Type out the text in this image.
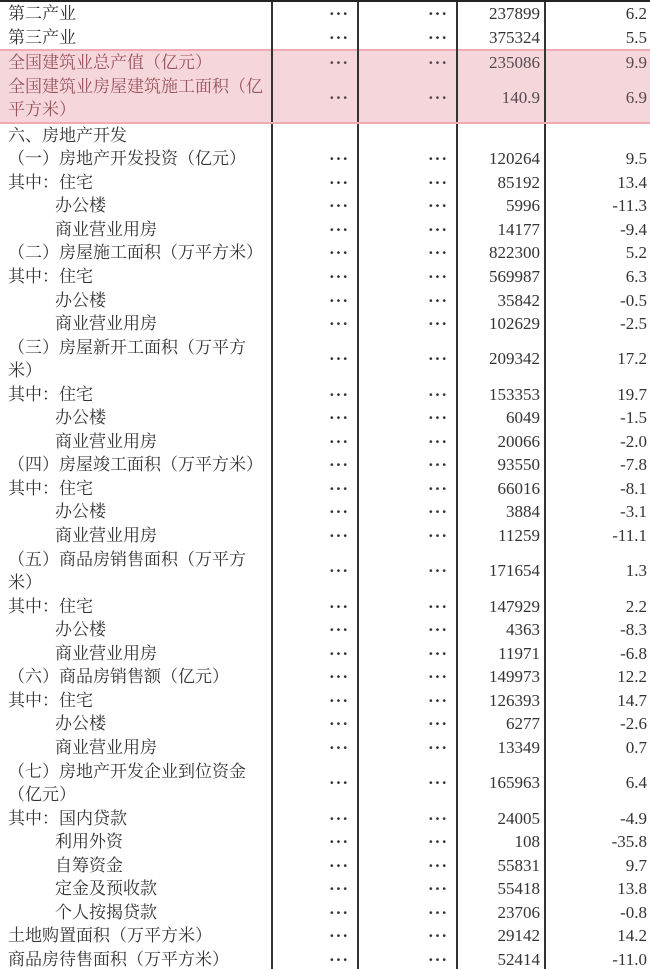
第二产业	···	···	237899	6.2
第三产业	···	···	375324	5.5
全国建筑业总产值（亿元）	···	···	235086	9.9
全国建筑业房屋建筑施工面积（亿平方米）	···	···	140.9	6.9
六、房地产开发				
（一）房地产开发投资（亿元）	···	···	120264	9.5
其中：住宅	···	···	85192	13.4
办公楼	···	···	5996	-11.3
商业营业用房	···	···	14177	-9.4
（二）房屋施工面积（万平方米）	···	···	822300	5.2
其中：住宅	···	···	569987	6.3
办公楼	···	···	35842	-0.5
商业营业用房	···	···	102629	-2.5
（三）房屋新开工面积（万平方米）	···	···	209342	17.2
其中：住宅	···	···	153353	19.7
办公楼	···	···	6049	-1.5
商业营业用房	···	···	20066	-2.0
（四）房屋竣工面积（万平方米）	···	···	93550	-7.8
其中：住宅	···	···	66016	-8.1
办公楼	···	···	3884	-3.1
商业营业用房	···	···	11259	-11.1
（五）商品房销售面积（万平方米）	···	···	171654	1.3
其中：住宅	···	···	147929	2.2
办公楼	···	···	4363	-8.3
商业营业用房	···	···	11971	-6.8
（六）商品房销售额（亿元）	···	···	149973	12.2
其中：住宅	···	···	126393	14.7
办公楼	···	···	6277	-2.6
商业营业用房	···	···	13349	0.7
（七）房地产开发企业到位资金（亿元）	···	···	165963	6.4
其中：国内贷款	···	···	24005	-4.9
利用外资	···	···	108	-35.8
自筹资金	···	···	55831	9.7
定金及预收款	···	···	55418	13.8
个人按揭贷款	···	···	23706	-0.8
土地购置面积（万平方米）	···	···	29142	14.2
商品房待售面积（万平方米）	···	···	52414	-11.0
